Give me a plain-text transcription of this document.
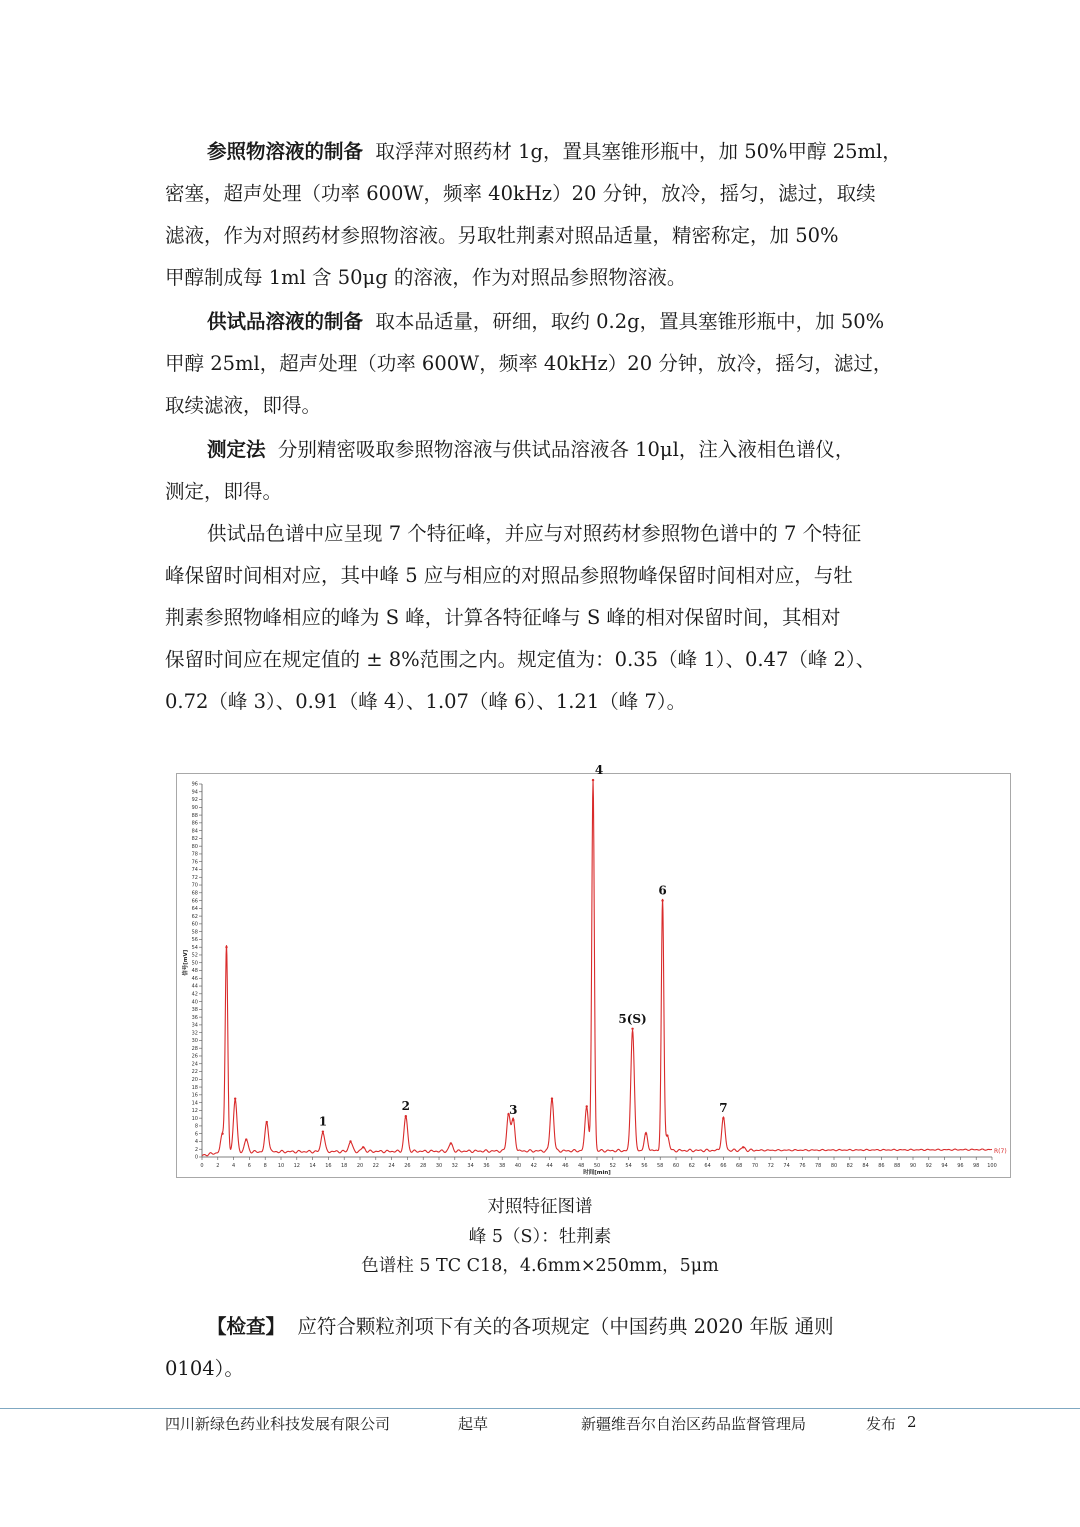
参照物溶液的制备 取浮萍对照药材 1g，置具塞锥形瓶中，加 50%甲醇 25ml，
密塞，超声处理（功率 600W，频率 40kHz）20 分钟，放冷，摇匀，滤过，取续
滤液，作为对照药材参照物溶液。另取牡荆素对照品适量，精密称定，加 50%
甲醇制成每 1ml 含 50μg 的溶液，作为对照品参照物溶液。
供试品溶液的制备 取本品适量，研细，取约 0.2g，置具塞锥形瓶中，加 50%
甲醇 25ml，超声处理（功率 600W，频率 40kHz）20 分钟，放冷，摇匀，滤过，
取续滤液，即得。
测定法 分别精密吸取参照物溶液与供试品溶液各 10μl，注入液相色谱仪，
测定，即得。
供试品色谱中应呈现 7 个特征峰，并应与对照药材参照物色谱中的 7 个特征
峰保留时间相对应，其中峰 5 应与相应的对照品参照物峰保留时间相对应，与牡
荆素参照物峰相应的峰为 S 峰，计算各特征峰与 S 峰的相对保留时间，其相对
保留时间应在规定值的 ± 8%范围之内。规定值为：0.35（峰 1）、0.47（峰 2）、
0.72（峰 3）、0.91（峰 4）、1.07（峰 6）、1.21（峰 7）。
0	2	4	6	8 10 12 14 16 18 20 22 24 26 28 30 32 34 36 38 40 42 44 46 48 50 52 54 56 58 60 62 64 66 68 70 72 74 76 78 80 82 84 86 88 90 92 94 96 98 100
0
2
4
6
8
10
12
14
16
18
20
22
24
26
28
30
32
34
36
38
40
42
44
46
48
50
52
54
56
58
60
62
64
66
68
70
72
74
76
78
80
82
84
86
88
90
92
94
96
时间[min]
信号[mV]
1
2	3
4
5(S)
6
7
R(7)
对照特征图谱
峰 5（S）：牡荆素
色谱柱 5 TC C18，4.6mm×250mm，5μm
【检查】 应符合颗粒剂项下有关的各项规定（中国药典 2020 年版 通则
0104）。
四川新绿色药业科技发展有限公司	起草	新疆维吾尔自治区药品监督管理局	发布 2
